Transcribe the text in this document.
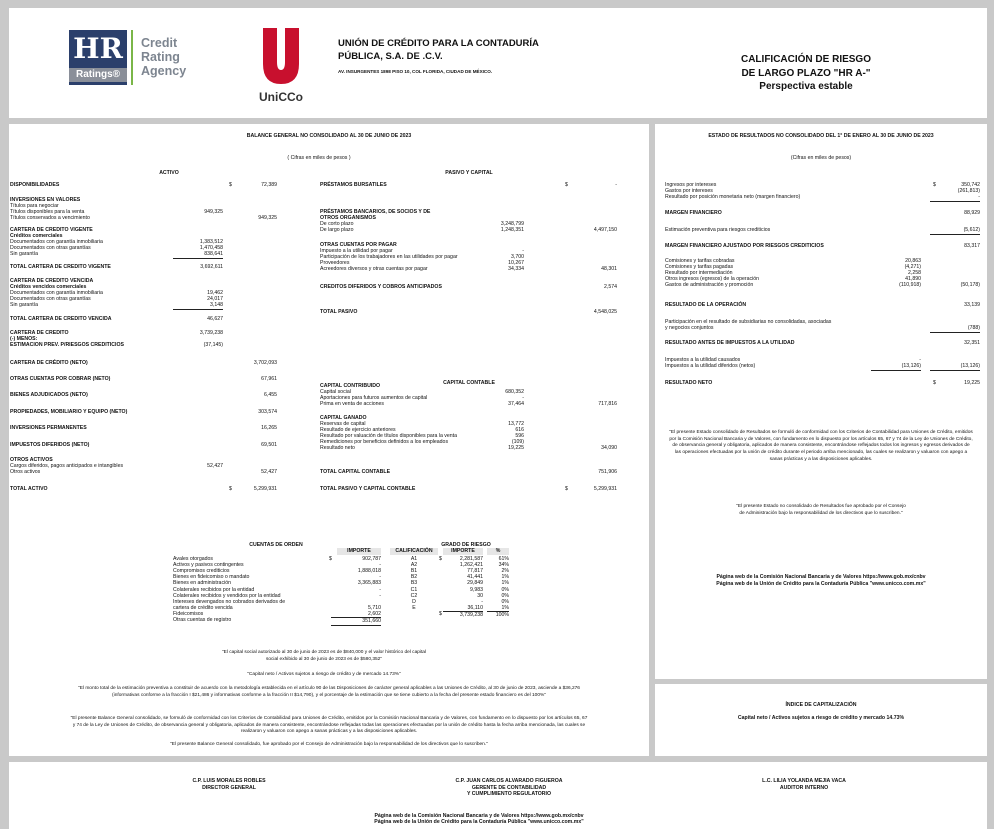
HR
Ratings®
Credit
Rating
Agency
UniCCo
UNIÓN DE CRÉDITO PARA LA CONTADURÍA
PÚBLICA, S.A. DE .C.V.
AV. INSURGENTES 1898 PISO 10, COL FLORIDA, CIUDAD DE MÉXICO.
CALIFICACIÓN DE RIESGO
DE LARGO PLAZO "HR A-"
Perspectiva estable
BALANCE GENERAL NO CONSOLIDADO AL 30 DE JUNIO DE 2023
( Cifras en miles de pesos )
ACTIVO	PASIVO Y CAPITAL
CAPITAL CONTABLE
DISPONIBILIDADES	$	72,389
INVERSIONES EN VALORES
Títulos para negociar
Títulos disponibles para la venta	949,325
Títulos conservados a vencimiento	949,325
CARTERA DE CREDITO VIGENTE
Créditos comerciales
Documentados con garantía inmobiliaria	1,383,512
Documentados con otras garantías	1,470,458
Sin garantía	838,641
TOTAL CARTERA DE CREDITO VIGENTE	3,692,611
CARTERA DE CREDITO VENCIDA
Créditos vencidos comerciales
Documentados con garantía inmobiliaria	19,462
Documentados con otras garantías	24,017
Sin garantía	3,148
TOTAL CARTERA DE CREDITO VENCIDA	46,627
CARTERA DE CREDITO	3,739,238
(-) MENOS:
ESTIMACION PREV. P/RIESGOS CREDITICIOS	(37,145)
CARTERA DE CRÉDITO (NETO)	3,702,093
OTRAS CUENTAS POR COBRAR (NETO)	67,961
BIENES ADJUDICADOS (NETO)	6,455
PROPIEDADES, MOBILIARIO Y EQUIPO (NETO)	303,574
INVERSIONES PERMANENTES	16,265
IMPUESTOS DIFERIDOS (NETO)	69,501
OTROS ACTIVOS
Cargos diferidos, pagos anticipados e intangibles	52,427
Otros activos	52,427
TOTAL ACTIVO	$	5,299,931
PRÉSTAMOS BURSATILES	$	-
PRÉSTAMOS BANCARIOS, DE SOCIOS Y DE
OTROS ORGANISMOS
De corto plazo	3,248,799
De largo plazo	1,248,351	4,497,150
OTRAS CUENTAS POR PAGAR
Impuesto a la utilidad por pagar	-
Participación de los trabajadores en las utilidades por pagar	3,700
Proveedores	10,267
Acreedores diversos y otras cuentas por pagar	34,334	48,301
CREDITOS DIFERIDOS Y COBROS ANTICIPADOS	2,574
TOTAL PASIVO	4,548,025
CAPITAL CONTRIBUIDO
Capital social	680,352
Aportaciones para futuros aumentos de capital	-
Prima en venta de acciones	37,464	717,816
CAPITAL GANADO
Reservas de capital	13,772
Resultado de ejercicio anteriores	616
Resultado por valuación de títulos disponibles para la venta	596
Remediciones por beneficios definidos a los empleados	(109)
Resultado neto	19,225	34,090
TOTAL CAPITAL CONTABLE	751,906
TOTAL PASIVO Y CAPITAL CONTABLE	$	5,299,931
CUENTAS DE ORDEN
IMPORTE
Avales otorgados	$	902,787
Activos y pasivos contingentes	-
Compromisos crediticios	1,888,018
Bienes en fideicomiso o mandato	-
Bienes en administración	3,365,883
Colaterales recibidos por la entidad	-
Colaterales recibidos y vendidos por la entidad	-
Intereses devengados no cobrados derivados de
cartera de crédito vencida	5,710
Fideicomisos	2,602
Otras cuentas de registro	351,660
GRADO DE RIESGO
CALIFICACIÓN	IMPORTE	%
A1	$	2,281,587	61%
A2	1,262,421	34%
B1	77,817	2%
B2	41,441	1%
B3	29,849	1%
C1	9,983	0%
C2	30	0%
D	-	0%
E	36,110	1%
$	3,739,238	100%
"El capital social autorizado al 30 de junio de 2023 es de $840,000 y el valor histórico del capital social exhibido al 30 de junio de 2023 es de $580,352"
"Capital neto / Activos sujetos a riesgo de crédito y de mercado 14.73%"
"El monto total de la estimación preventiva a constituir de acuerdo con la metodología establecida en el artículo 90 de las Disposiciones de carácter general aplicables a las Uniones de Crédito, al 30 de junio de 2023, asciende a $36,276 (informativas conforme a la fracción I $21,486 y informativas conforme a la fracción II $14,790), y el porcentaje de la estimación que se tiene cubierto a la fecha del presente estado financiero es del 100%"
"El presente Balance General consolidado, se formuló de conformidad con los Criterios de Contabilidad para Uniones de Crédito, emitidos por la Comisión Nacional Bancaria y de Valores, con fundamento en lo dispuesto por los artículos 65, 67 y 74 de la Ley de Uniones de Crédito, de observancia general y obligatoria, aplicados de manera consistente, encontrándose reflejadas todas las operaciones efectuadas por la unión de crédito hasta la fecha arriba mencionada, las cuales se realizaron y valuaron con apego a sanas prácticas y a las disposiciones aplicables.
"El presente Balance General consolidado, fue aprobado por el Consejo de Administración bajo la responsabilidad de los directivos que lo suscriben."
ESTADO DE RESULTADOS NO CONSOLIDADO DEL 1° DE ENERO AL 30 DE JUNIO DE 2023
(Cifras en miles de pesos)
Ingresos por intereses	$	350,742
Gastos por intereses	(261,813)
Resultado por posición monetaria neto (margen financiero)	-
MARGEN FINANCIERO	88,929
Estimación preventiva para riesgos crediticios	(5,612)
MARGEN FINANCIERO AJUSTADO POR RIESGOS CREDITICIOS	83,317
Comisiones y tarifas cobradas	20,863
Comisiones y tarifas pagadas	(4,271)
Resultado por intermediación	2,258
Otros ingresos (egresos) de la operación	41,890
Gastos de administración y promoción	(110,918)	(50,178)
RESULTADO DE LA OPERACIÓN	33,139
Participación en el resultado de subsidiarias no consolidadas, asociadas
y negocios conjuntos	(788)
RESULTADO ANTES DE IMPUESTOS A LA UTILIDAD	32,351
Impuestos a la utilidad causados	-
Impuestos a la utilidad diferidos (netos)	(13,126)	(13,126)
RESULTADO NETO	$	19,225
"El presente Estado consolidado de Resultados se formuló de conformidad con los Criterios de Contabilidad para Uniones de Crédito, emitidos por la Comisión Nacional Bancaria y de Valores, con fundamento en lo dispuesto por los artículos 65, 67 y 74 de la Ley de Uniones de Crédito, de observancia general y obligatoria, aplicados de manera consistente, encontrándose reflejados todos los ingresos y egresos derivados de las operaciones efectuadas por la unión de crédito durante el periodo arriba mencionado, las cuales se realizaron y valuaron con apego a sanas prácticas y a las disposiciones aplicables.
"El presente Estado no consolidado de Resultados fue aprobado por el Consejo de Administración bajo la responsabilidad de los directivos que lo suscriben."
Página web de la Comisión Nacional Bancaria y de Valores https://www.gob.mx/cnbv
Página web de la Unión de Crédito para la Contaduría Pública "www.unicco.com.mx"
ÍNDICE DE CAPITALIZACIÓN
Capital neto / Activos sujetos a riesgo de crédito y mercado 14.73%
C.P. LUIS MORALES ROBLES
DIRECTOR GENERAL
C.P. JUAN CARLOS ALVARADO FIGUEROA
GERENTE DE CONTABILIDAD
Y CUMPLIMIENTO REGULATORIO
L.C. LILIA YOLANDA MEJIA VACA
AUDITOR INTERNO
Página web de la Comisión Nacional Bancaria y de Valores https://www.gob.mx/cnbv
Página web de la Unión de Crédito para la Contaduría Pública "www.unicco.com.mx"
